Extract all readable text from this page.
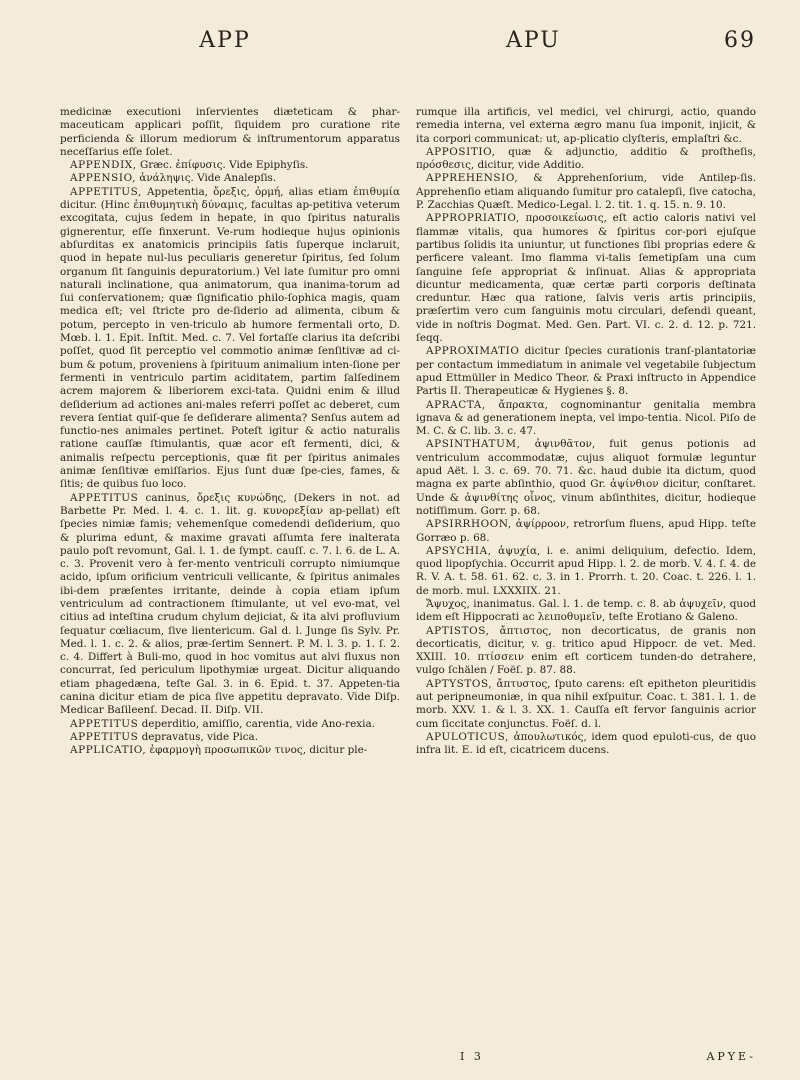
APP	APU	69

medicinæ executioni inſervientes diæteticam & phar-maceuticam applicari poſſit, ſiquidem pro curatione rite perficienda & illorum mediorum & inſtrumentorum apparatus neceſſarius eſſe ſolet.

APPENDIX, Græc. ἐπίφυσις. Vide Epiphyſis.

APPENSIO, ἀνάληψις. Vide Analepſis.

APPETITUS, Appetentia, ὄρεξις, ὁρμή, alias etiam ἐπιθυμία dicitur. (Hinc ἐπιθυμητικὴ δύναμις, facultas ap-petitiva veterum excogitata, cujus ſedem in hepate, in quo ſpiritus naturalis gignerentur, eſſe finxerunt. Ve-rum hodieque hujus opinionis abſurditas ex anatomicis principiis ſatis ſuperque inclaruit, quod in hepate nul-lus peculiaris generetur ſpiritus, ſed ſolum organum ſit ſanguinis depuratorium.) Vel late ſumitur pro omni naturali inclinatione, qua animatorum, qua inanima-torum ad ſui conſervationem; quæ ſignificatio philo-ſophica magis, quam medica eſt; vel ſtricte pro de-ſiderio ad alimenta, cibum & potum, percepto in ven-triculo ab humore fermentali orto, D. Mœb. l. 1. Epit. Inſtit. Med. c. 7. Vel fortaſſe clarius ita deſcribi poſſet, quod ſit perceptio vel commotio animæ ſenſitivæ ad ci-bum & potum, proveniens à ſpirituum animalium inten-ſione per fermenti in ventriculo partim aciditatem, partim ſalſedinem acrem majorem & liberiorem exci-tata. Quidni enim & illud deſiderium ad actiones ani-males referri poſſet ac deberet, cum revera ſentiat quiſ-que ſe deſiderare alimenta? Senſus autem ad functio-nes animales pertinet. Poteſt igitur & actio naturalis ratione cauſſæ ſtimulantis, quæ acor eſt fermenti, dici, & animalis reſpectu perceptionis, quæ fit per ſpiritus animales animæ ſenſitivæ emiſſarios. Ejus ſunt duæ ſpe-cies, fames, & ſitis; de quibus ſuo loco.

APPETITUS caninus, ὄρεξις κυνώδης, (Dekers in not. ad Barbette Pr. Med. l. 4. c. 1. lit. g. κυνορεξίαν ap-pellat) eſt ſpecies nimiæ famis; vehemenſque comedendi deſiderium, quo & plurima edunt, & maxime gravati aſſumta fere inalterata paulo poſt revomunt, Gal. l. 1. de ſympt. cauſſ. c. 7. l. 6. de L. A. c. 3. Provenit vero à fer-mento ventriculi corrupto nimiumque acido, ipſum orificium ventriculi vellicante, & ſpiritus animales ibi-dem præſentes irritante, deinde à copia etiam ipſum ventriculum ad contractionem ſtimulante, ut vel evo-mat, vel citius ad inteſtina crudum chylum dejiciat, & ita alvi profluvium ſequatur cœliacum, ſive lientericum. Gal d. l. Junge ſis Sylv. Pr. Med. l. 1. c. 2. & alios, præ-ſertim Sennert. P. M. l. 3. p. 1. ſ. 2. c. 4. Differt à Buli-mo, quod in hoc vomitus aut alvi fluxus non concurrat, ſed periculum lipothymiæ urgeat. Dicitur aliquando etiam phagedæna, teſte Gal. 3. in 6. Epid. t. 37. Appeten-tia canina dicitur etiam de pica ſive appetitu depravato. Vide Diſp. Medicar Baſileenſ. Decad. II. Diſp. VII.

APPETITUS deperditio, amiſſio, carentia, vide Ano-rexia.

APPETITUS depravatus, vide Pica.

APPLICATIO, ἐφαρμογὴ προσωπικῶν τινος, dicitur ple-

rumque illa artificis, vel medici, vel chirurgi, actio, quando remedia interna, vel externa ægro manu ſua imponit, injicit, & ita corpori communicat: ut, ap-plicatio clyſteris, emplaſtri &c.

APPOSITIO, quæ & adjunctio, additio & proſtheſis, πρόσθεσις, dicitur, vide Additio.

APPREHENSIO, & Apprehenſorium, vide Antilep-ſis. Apprehenſio etiam aliquando ſumitur pro catalepſi, ſive catocha, P. Zacchias Quæſt. Medico-Legal. l. 2. tit. 1. q. 15. n. 9. 10.

APPROPRIATIO, προσοικείωσις, eſt actio caloris nativi vel flammæ vitalis, qua humores & ſpiritus cor-pori ejuſque partibus ſolidis ita uniuntur, ut functiones ſibi proprias edere & perficere valeant. Imo flamma vi-talis ſemetipſam una cum ſanguine ſeſe appropriat & inſinuat. Alias & appropriata dicuntur medicamenta, quæ certæ parti corporis deſtinata creduntur. Hæc qua ratione, ſalvis veris artis principiis, præſertim vero cum ſanguinis motu circulari, defendi queant, vide in noſtris Dogmat. Med. Gen. Part. VI. c. 2. d. 12. p. 721. ſeqq.

APPROXIMATIO dicitur ſpecies curationis tranſ-plantatoriæ per contactum immediatum in animale vel vegetabile ſubjectum apud Ettmüller in Medico Theor. & Praxi inſtructo in Appendice Partis II. Therapeuticæ & Hygienes §. 8.

APRACTA, ἄπρακτα, cognominantur genitalia membra ignava & ad generationem inepta, vel impo-tentia. Nicol. Piſo de M. C. & C. lib. 3. c. 47.

APSINTHATUM, ἀψινθᾶτον, fuit genus potionis ad ventriculum accommodatæ, cujus aliquot formulæ leguntur apud Aët. l. 3. c. 69. 70. 71. &c. haud dubie ita dictum, quod magna ex parte abſinthio, quod Gr. ἀψίνθιον dicitur, conſtaret. Unde & ἀψινθίτης οἶνος, vinum abſinthites, dicitur, hodieque notiſſimum. Gorr. p. 68.

APSIRRHOON, ἀψίρροον, retrorſum fluens, apud Hipp. teſte Gorræo p. 68.

APSYCHIA, ἀψυχία, i. e. animi deliquium, defectio. Idem, quod lipopſychia. Occurrit apud Hipp. l. 2. de morb. V. 4. ſ. 4. de R. V. A. t. 58. 61. 62. c. 3. in 1. Prorrh. t. 20. Coac. t. 226. l. 1. de morb. mul. LXXXIIX. 21.

Ἄψυχος, inanimatus. Gal. l. 1. de temp. c. 8. ab ἀψυχεῖν, quod idem eſt Hippocrati ac λειποθυμεῖν, teſte Erotiano & Galeno.

APTISTOS, ἄπτιστος, non decorticatus, de granis non decorticatis, dicitur, v. g. tritico apud Hippocr. de vet. Med. XXIII. 10. πτίσσειν enim eſt corticem tunden-do detrahere, vulgo ſchälen / Foëſ. p. 87. 88.

APTYSTOS, ἄπτυστος, ſputo carens: eſt epitheton pleuritidis aut peripneumoniæ, in qua nihil exſpuitur. Coac. t. 381. l. 1. de morb. XXV. 1. & l. 3. XX. 1. Cauſſa eſt fervor ſanguinis acrior cum ſiccitate conjunctus. Foëſ. d. l.

APULOTICUS, ἀπουλωτικός, idem quod epuloti-cus, de quo infra lit. E. id eſt, cicatricem ducens.

I 3	APYE-
